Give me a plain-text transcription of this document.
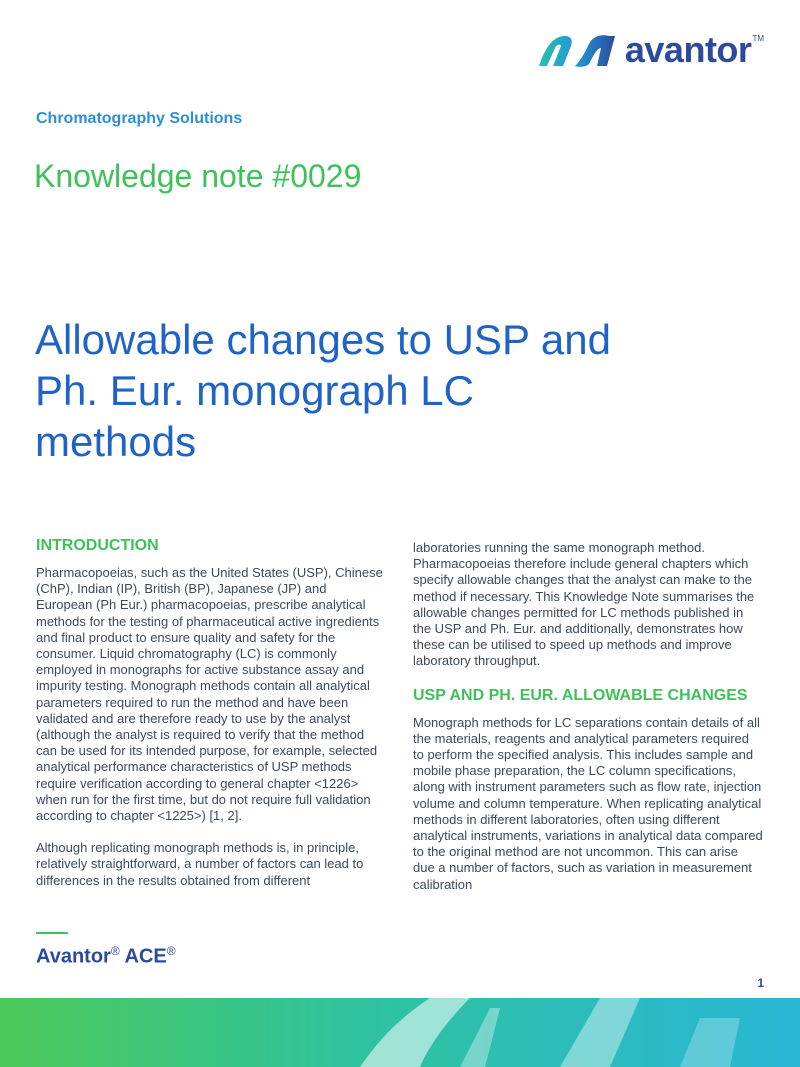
avantor TM
Chromatography Solutions
Knowledge note #0029
Allowable changes to USP and
Ph. Eur. monograph LC
methods
INTRODUCTION

Pharmacopoeias, such as the United States (USP), Chinese (ChP), Indian (IP), British (BP), Japanese (JP) and European (Ph Eur.) pharmacopoeias, prescribe analytical methods for the testing of pharmaceutical active ingredients and final product to ensure quality and safety for the consumer. Liquid chromatography (LC) is commonly employed in monographs for active substance assay and impurity testing. Monograph methods contain all analytical parameters required to run the method and have been validated and are therefore ready to use by the analyst (although the analyst is required to verify that the method can be used for its intended purpose, for example, selected analytical performance characteristics of USP methods require verification according to general chapter <1226> when run for the first time, but do not require full validation according to chapter <1225>) [1, 2].

Although replicating monograph methods is, in principle, relatively straightforward, a number of factors can lead to differences in the results obtained from different

laboratories running the same monograph method. Pharmacopoeias therefore include general chapters which specify allowable changes that the analyst can make to the method if necessary. This Knowledge Note summarises the allowable changes permitted for LC methods published in the USP and Ph. Eur. and additionally, demonstrates how these can be utilised to speed up methods and improve laboratory throughput.

USP AND PH. EUR. ALLOWABLE CHANGES

Monograph methods for LC separations contain details of all the materials, reagents and analytical parameters required to perform the specified analysis. This includes sample and mobile phase preparation, the LC column specifications, along with instrument parameters such as flow rate, injection volume and column temperature. When replicating analytical methods in different laboratories, often using different analytical instruments, variations in analytical data compared to the original method are not uncommon. This can arise due a number of factors, such as variation in measurement calibration

Avantor® ACE®
1
